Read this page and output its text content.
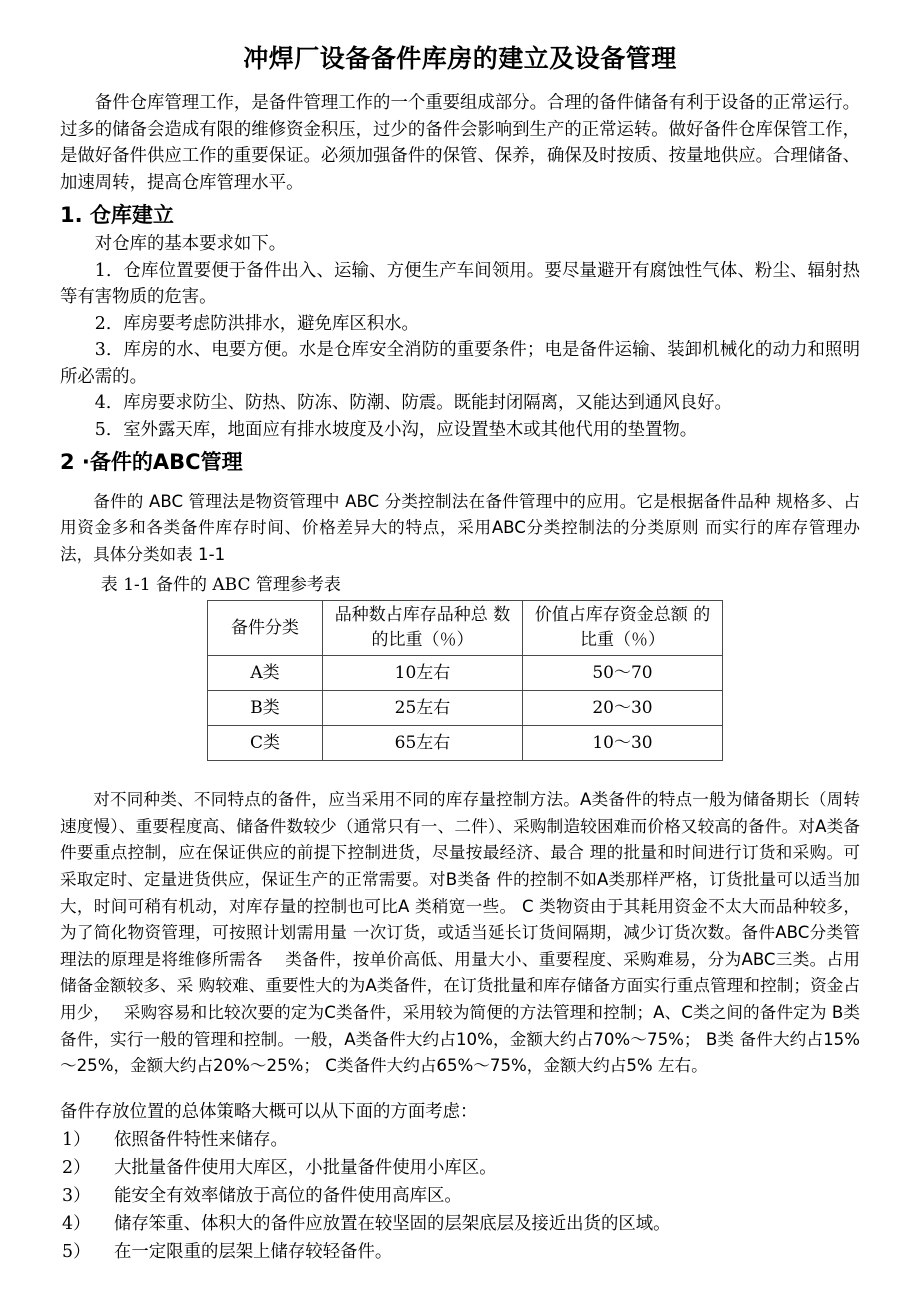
冲焊厂设备备件库房的建立及设备管理

备件仓库管理工作，是备件管理工作的一个重要组成部分。合理的备件储备有利于设备的正常运行。过多的储备会造成有限的维修资金积压，过少的备件会影响到生产的正常运转。做好备件仓库保管工作，是做好备件供应工作的重要保证。必须加强备件的保管、保养，确保及时按质、按量地供应。合理储备、加速周转，提高仓库管理水平。

1. 仓库建立

对仓库的基本要求如下。

1．仓库位置要便于备件出入、运输、方便生产车间领用。要尽量避开有腐蚀性气体、粉尘、辐射热等有害物质的危害。

2．库房要考虑防洪排水，避免库区积水。

3．库房的水、电要方便。水是仓库安全消防的重要条件；电是备件运输、装卸机械化的动力和照明所必需的。

4．库房要求防尘、防热、防冻、防潮、防震。既能封闭隔离，又能达到通风良好。

5．室外露天库，地面应有排水坡度及小沟，应设置垫木或其他代用的垫置物。

2 ·备件的ABC管理

备件的 ABC 管理法是物资管理中 ABC 分类控制法在备件管理中的应用。它是根据备件品种 规格多、占用资金多和各类备件库存时间、价格差异大的特点，采用ABC分类控制法的分类原则 而实行的库存管理办法，具体分类如表 1-1

表 1-1 备件的 ABC 管理参考表

备件分类	品种数占库存品种总 数的比重（％）	价值占库存资金总额 的比重（％）
A类	10左右	50～70
B类	25左右	20～30
C类	65左右	10～30

对不同种类、不同特点的备件，应当采用不同的库存量控制方法。A类备件的特点一般为储备期长（周转速度慢）、重要程度高、储备件数较少（通常只有一、二件）、采购制造较困难而价格又较高的备件。对A类备件要重点控制，应在保证供应的前提下控制进货，尽量按最经济、最合 理的批量和时间进行订货和采购。可采取定时、定量进货供应，保证生产的正常需要。对B类备 件的控制不如A类那样严格，订货批量可以适当加大，时间可稍有机动，对库存量的控制也可比A 类稍宽一些。 C 类物资由于其耗用资金不太大而品种较多，为了简化物资管理，可按照计划需用量 一次订货，或适当延长订货间隔期，减少订货次数。备件ABC分类管理法的原理是将维修所需各　 类备件，按单价高低、用量大小、重要程度、采购难易，分为ABC三类。占用储备金额较多、采 购较难、重要性大的为A类备件，在订货批量和库存储备方面实行重点管理和控制；资金占用少，　 采购容易和比较次要的定为C类备件，采用较为简便的方法管理和控制；A、C类之间的备件定为 B类备件，实行一般的管理和控制。一般，A类备件大约占10%，金额大约占70%～75%； B类 备件大约占15%～25%，金额大约占20%～25%； C类备件大约占65%～75%，金额大约占5% 左右。

备件存放位置的总体策略大概可以从下面的方面考虑：

1）	依照备件特性来储存。
2）	大批量备件使用大库区，小批量备件使用小库区。
3）	能安全有效率储放于高位的备件使用高库区。
4）	储存笨重、体积大的备件应放置在较坚固的层架底层及接近出货的区域。
5）	在一定限重的层架上储存较轻备件。
